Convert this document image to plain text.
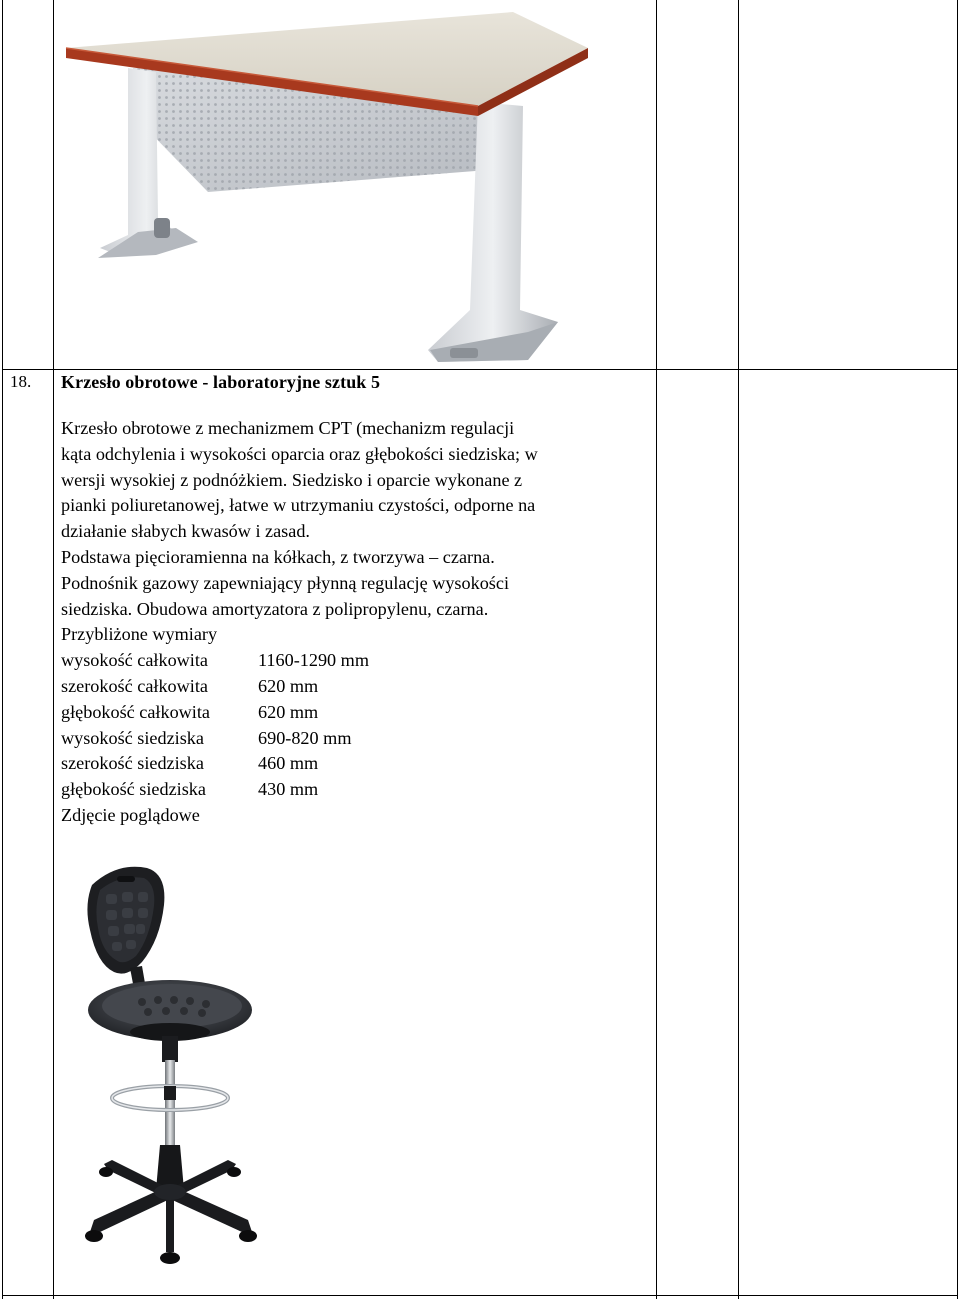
18. Krzesło obrotowe - laboratoryjne sztuk 5

Krzesło obrotowe z mechanizmem CPT (mechanizm regulacji

kąta odchylenia i wysokości oparcia oraz głębokości siedziska; w

wersji wysokiej z podnóżkiem. Siedzisko i oparcie wykonane z

pianki poliuretanowej, łatwe w utrzymaniu czystości, odporne na

działanie słabych kwasów i zasad.

Podstawa pięcioramienna na kółkach, z tworzywa – czarna.

Podnośnik gazowy zapewniający płynną regulację wysokości

siedziska. Obudowa amortyzatora z polipropylenu, czarna.

Przybliżone wymiary

wysokość całkowita	1160-1290 mm
szerokość całkowita	620 mm
głębokość całkowita	620 mm
wysokość siedziska	690-820 mm
szerokość siedziska	460 mm
głębokość siedziska	430 mm
Zdjęcie poglądowe
